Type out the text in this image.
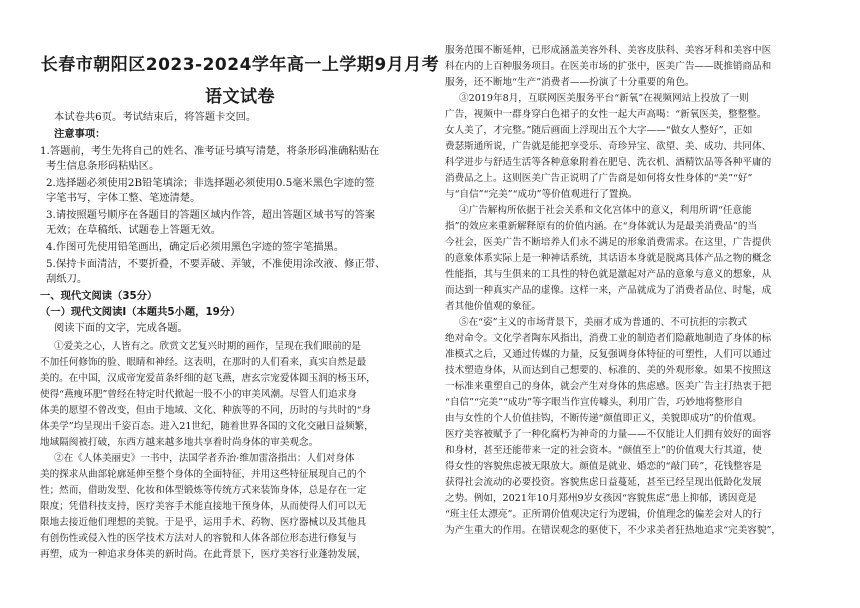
长春市朝阳区2023-2024学年高一上学期9月月考
语文试卷
本试卷共6页。考试结束后，将答题卡交回。
注意事项：
1.答题前，考生先将自己的姓名、准考证号填写清楚，将条形码准确粘贴在
考生信息条形码粘贴区。
2.选择题必须使用2B铅笔填涂；非选择题必须使用0.5毫米黑色字迹的签
字笔书写，字体工整、笔迹清楚。
3.请按照题号顺序在各题目的答题区域内作答，超出答题区域书写的答案
无效；在草稿纸、试题卷上答题无效。
4.作图可先使用铅笔画出，确定后必须用黑色字迹的签字笔描黑。
5.保持卡面清洁，不要折叠，不要弄破、弄皱，不准使用涂改液、修正带、
刮纸刀。
一、现代文阅读（35分）
（一）现代文阅读Ⅰ（本题共5小题，19分）
阅读下面的文字，完成各题。
①爱美之心，人皆有之。欣赏文艺复兴时期的画作，呈现在我们眼前的是
不加任何修饰的脸、眼睛和神经。这表明，在那时的人们看来，真实自然是最
美的。在中国，汉成帝宠爱苗条纤细的赵飞燕，唐玄宗宠爱体圆玉润的杨玉环，
使得“燕瘦环肥”曾经在特定时代掀起一股不小的审美风潮。尽管人们追求身
体美的愿望不曾改变，但由于地域、文化、种族等的不同，历时的与共时的“身
体美学”均呈现出千姿百态。进入21世纪，随着世界各国的文化交融日益频繁，
地域隔阂被打破，东西方越来越多地共享着时尚身体的审美观念。
②在《人体美丽史》一书中，法国学者乔治·维加雷洛指出：人们对身体
美的探求从曲部轮廓延伸至整个身体的全面特征，并用这些特征展现自己的个
性；然而，借助发型、化妆和体型锻炼等传统方式来装饰身体，总是存在一定
限度；凭借科技支持，医疗美容手术能直接地干预身体，从而使得人们可以无
限地去接近他们理想的美貌。于是乎，运用手术、药物、医疗器械以及其他具
有创伤性或侵入性的医学技术方法对人的容貌和人体各部位形态进行修复与
再塑，成为一种追求身体美的新时尚。在此背景下，医疗美容行业蓬勃发展，
服务范围不断延伸，已形成涵盖美容外科、美容皮肤科、美容牙科和美容中医
科在内的上百种服务项目。在医美市场的扩张中，医美广告——既推销商品和
服务，还不断地“生产”消费者——扮演了十分重要的角色。
③2019年8月，互联网医美服务平台“新氧”在视频网站上投放了一则
广告，视频中一群身穿白色裙子的女性一起大声高喝：“新氧医美，整整整。
女人美了，才完整。”随后画面上浮现出五个大字——“做女人整好”，正如
费瑟斯通所说，广告就是能把享受乐、奇珍异宝、欲望、美、成功、共同体、
科学进步与舒适生活等各种意象附着在肥皂、洗衣机、酒精饮品等各种平庸的
消费品之上。这则医美广告正说明了广告商是如何将女性身体的“美”“好”
与“自信”“完美”“成功”等价值观进行了置换。
④广告解构所依据于社会关系和文化宫体中的意义，利用所谓“任意能
指”的效应来重新解释原有的价值内涵。在“身体就认为是最美消费品”的当
今社会，医美广告不断培养人们永不满足的形象消费需求。在这里，广告提供
的意象体系实际上是一种神话系统，其话语本身就是脱离具体产品之物的概念
性能指，其与生俱来的工具性的特色就是激起对产品的意象与意义的想象，从
而达到一种真实产品的虚像。这样一来，产品就成为了消费者品位、时髦，成
者其他价值观的象征。
⑤在“姿”主义的市场背景下，美丽才成为普通的、不可抗拒的宗教式
绝对命令。文化学者陶东风指出，消费工业的制造者们隐蔽地制造了身体的标
准模式之后，又通过传媒的力量，反复强调身体特征的可塑性，人们可以通过
技术塑造身体，从而达到自己想要的、标准的、美的外观形象。如果不按照这
一标准来重塑自己的身体，就会产生对身体的焦虑感。医美广告主打热衷于把
“自信”“完美”“成功”等字眼当作宣传噱头，利用广告，巧妙地将整形自
由与女性的个人价值挂钩，不断传递“颜值即正义，美貌即成功”的价值观。
医疗美容被赋予了一种化腐朽为神奇的力量——不仅能让人们拥有姣好的面容
和身材，甚至还能带来一定的社会资本。“颜值至上”的价值观大行其道，使
得女性的容貌焦虑被无限放大。颜值是就业、婚恋的“敲门砖”，花钱整容是
获得社会流动的必要投资。容貌焦虑日益蔓延，甚至已经呈现出低龄化发展
之势。例如，2021年10月郑州9岁女孩因“容貌焦虑”患上抑郁，诱因竟是
“班主任太漂亮”。正所谓价值观决定行为逻辑，价值理念的偏差会对人的行
为产生重大的作用。在错误观念的驱使下，不少求美者狂热地追求“完美容貌”，
